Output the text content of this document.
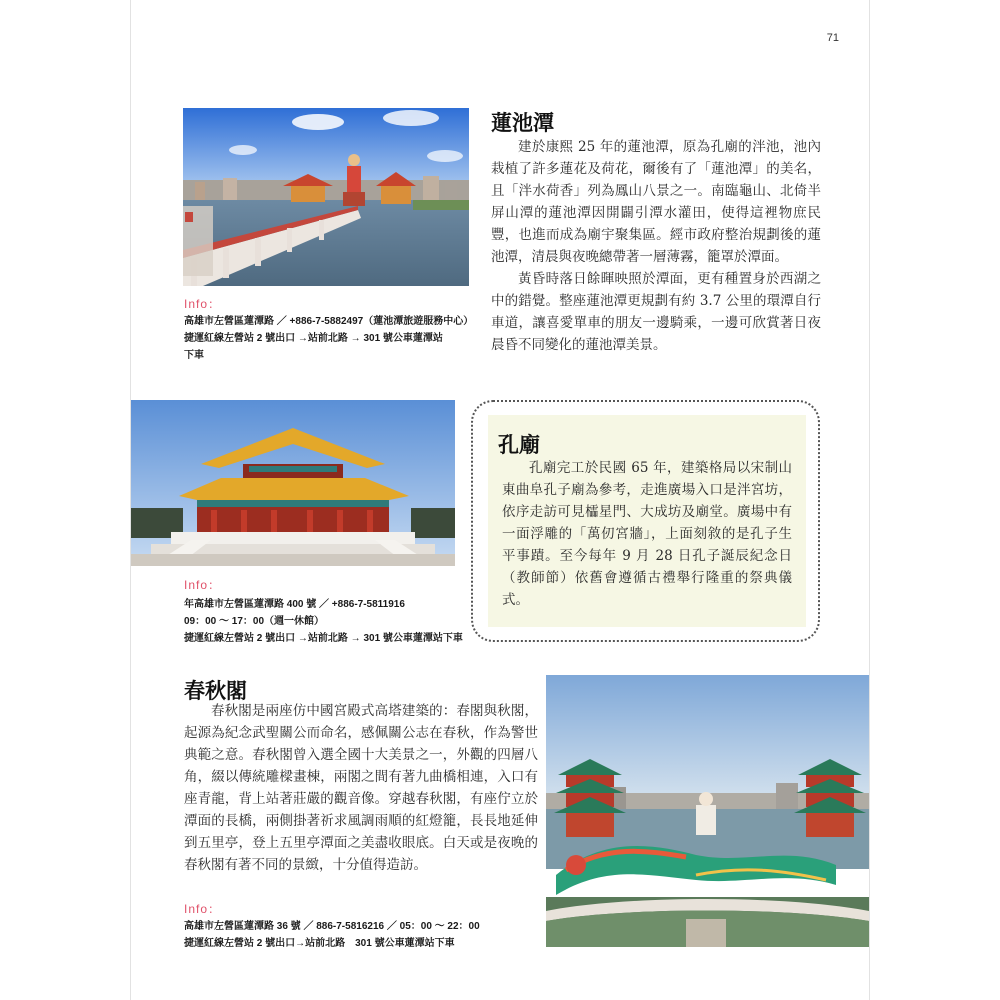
71
蓮池潭

建於康熙 25 年的蓮池潭，原為孔廟的泮池，池內栽植了許多蓮花及荷花，爾後有了「蓮池潭」的美名，且「泮水荷香」列為鳳山八景之一。南臨龜山、北倚半屏山潭的蓮池潭因開闢引潭水灌田，使得這裡物庶民豐，也進而成為廟宇聚集區。經市政府整治規劃後的蓮池潭，清晨與夜晚總帶著一層薄霧，籠罩於潭面。

黃昏時落日餘暉映照於潭面，更有種置身於西湖之中的錯覺。整座蓮池潭更規劃有約 3.7 公里的環潭自行車道，讓喜愛單車的朋友一邊騎乘，一邊可欣賞著日夜晨昏不同變化的蓮池潭美景。

Info：
高雄市左營區蓮潭路 ／ +886-7-5882497（蓮池潭旅遊服務中心）
捷運紅線左營站 2 號出口 →站前北路 → 301 號公車蓮潭站
下車
Info：
年高雄市左營區蓮潭路 400 號 ／ +886-7-5811916
09：00 ～ 17：00（週一休館）
捷運紅線左營站 2 號出口 →站前北路 → 301 號公車蓮潭站下車
孔廟

孔廟完工於民國 65 年，建築格局以宋制山東曲阜孔子廟為參考，走進廣場入口是泮宮坊，依序走訪可見櫺星門、大成坊及廟堂。廣場中有一面浮雕的「萬仞宮牆」，上面刻敘的是孔子生平事蹟。至今每年 9 月 28 日孔子誕辰紀念日（教師節）依舊會遵循古禮舉行隆重的祭典儀式。

春秋閣

春秋閣是兩座仿中國宮殿式高塔建築的：春閣與秋閣，起源為紀念武聖關公而命名，感佩關公志在春秋，作為警世典範之意。春秋閣曾入選全國十大美景之一，外觀的四層八角，綴以傳統雕樑畫棟，兩閣之間有著九曲橋相連，入口有座青龍，背上站著莊嚴的觀音像。穿越春秋閣，有座佇立於潭面的長橋，兩側掛著祈求風調雨順的紅燈籠，長長地延伸到五里亭，登上五里亭潭面之美盡收眼底。白天或是夜晚的春秋閣有著不同的景緻，十分值得造訪。

Info：
高雄市左營區蓮潭路 36 號 ／ 886-7-5816216 ／ 05：00 ～ 22：00
捷運紅線左營站 2 號出口→站前北路　301 號公車蓮潭站下車
